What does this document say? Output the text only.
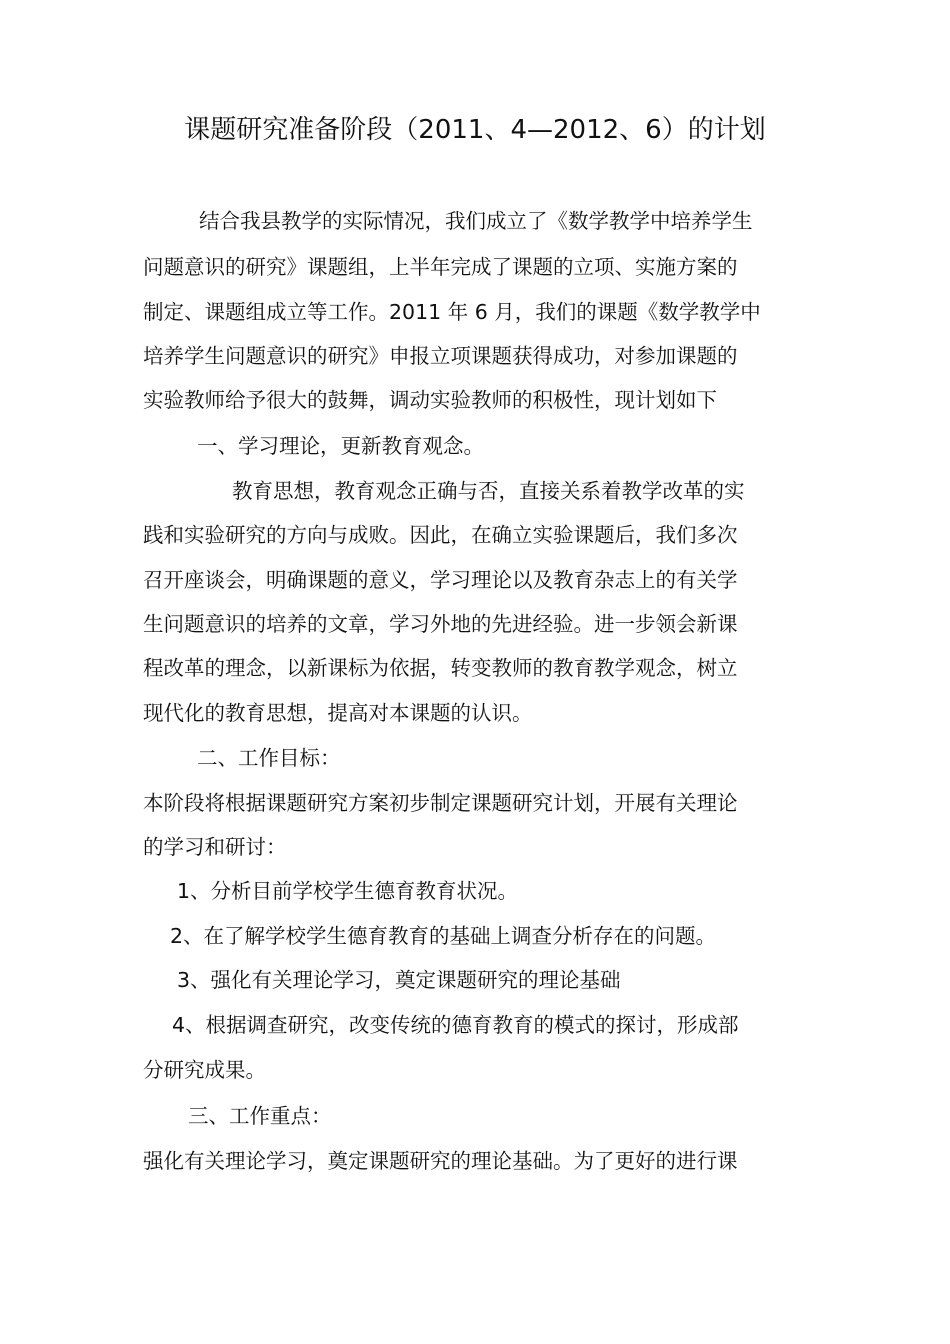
课题研究准备阶段（2011、4—2012、6）的计划
结合我县教学的实际情况，我们成立了《数学教学中培养学生
问题意识的研究》课题组，上半年完成了课题的立项、实施方案的
制定、课题组成立等工作。2011 年 6 月，我们的课题《数学教学中
培养学生问题意识的研究》申报立项课题获得成功，对参加课题的
实验教师给予很大的鼓舞，调动实验教师的积极性，现计划如下
一、学习理论，更新教育观念。
教育思想，教育观念正确与否，直接关系着教学改革的实
践和实验研究的方向与成败。因此，在确立实验课题后，我们多次
召开座谈会，明确课题的意义，学习理论以及教育杂志上的有关学
生问题意识的培养的文章，学习外地的先进经验。进一步领会新课
程改革的理念，以新课标为依据，转变教师的教育教学观念，树立
现代化的教育思想，提高对本课题的认识。
二、工作目标：
本阶段将根据课题研究方案初步制定课题研究计划，开展有关理论
的学习和研讨：
1、分析目前学校学生德育教育状况。
2、在了解学校学生德育教育的基础上调查分析存在的问题。
3、强化有关理论学习，奠定课题研究的理论基础
4、根据调查研究，改变传统的德育教育的模式的探讨，形成部
分研究成果。
三、工作重点：
强化有关理论学习，奠定课题研究的理论基础。为了更好的进行课
